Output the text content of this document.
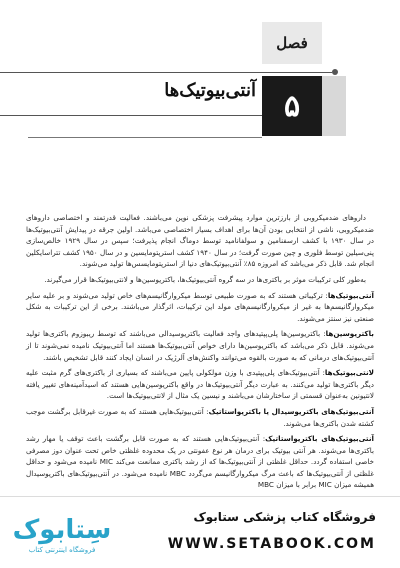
فصل
آنتی‌بیوتیک‌ها ۵

داروهای ضدمیکروبی از بارزترین موارد پیشرفت پزشکی نوین می‌باشند. فعالیت قدرتمند و اختصاصی داروهای ضدمیکروبی، ناشی از انتخابی بودن آن‌ها برای اهداف بسیار اختصاصی می‌باشد. اولین جرقه در پیدایش آنتی‌بیوتیک‌ها در سال ۱۹۳۰ با کشف ارسفنامین و سولفانامید توسط دوماگ انجام پذیرفت؛ سپس در سال ۱۹۲۹ خالص‌سازی پنی‌سیلین توسط فلوری و چین صورت گرفت؛ در سال ۱۹۴۰ کشف استرپتومایسین و در سال ۱۹۵۰ کشف تتراسایکلین انجام شد. قابل ذکر می‌باشد که امروزه ۸۵٪ آنتی‌بیوتیک‌های دنیا از استرپتومایسس‌ها تولید می‌شوند.

بەطور کلی ترکیبات موثر بر باکتری‌ها در سه گروه آنتی‌بیوتیک‌ها، باکتریوسین‌ها و لانتی‌بیوتیک‌ها قرار می‌گیرند.

آنتی‌بیوتیک‌ها: ترکیباتی هستند که به صورت طبیعی توسط میکروارگانیسم‌های خاص تولید می‌شوند و بر علیه سایر میکروارگانیسم‌ها به غیر از میکروارگانیسم‌های مولد این ترکیبات، اثرگذار می‌باشند. برخی از این ترکیبات به شکل صنعتی نیز سنتز می‌شوند.

باکتریوسین‌ها: باکتریوسین‌ها پلی‌پپتیدهای واجد فعالیت باکتریوسیدالی می‌باشند که توسط ریبوزوم باکتری‌ها تولید می‌شوند. قابل ذکر می‌باشد که باکتریوسین‌ها دارای خواص آنتی‌بیوتیک‌ها هستند اما آنتی‌بیوتیک نامیده نمی‌شوند تا از آنتی‌بیوتیک‌های درمانی که به صورت بالقوه می‌توانند واکنش‌های آلرژیک در انسان ایجاد کنند قابل تشخیص باشند.

لانتی‌بیوتیک‌ها: آنتی‌بیوتیک‌های پلی‌پپتیدی با وزن مولکولی پایین می‌باشند که بسیاری از باکتری‌های گرم مثبت علیه دیگر باکتری‌ها تولید می‌کنند. به عبارت دیگر آنتی‌بیوتیک‌ها در واقع باکتریوسین‌هایی هستند که اسیدآمینه‌های تغییر یافته لانتیونین به‌عنوان قسمتی از ساختارشان می‌باشند و نیسین یک مثال از لانتی‌بیوتیک‌ها است.

آنتی‌بیوتیک‌های باکتریوسیدال یا باکتریواستاتیک: آنتی‌بیوتیک‌هایی هستند که به صورت غیرقابل برگشت موجب کشته شدن باکتری‌ها می‌شوند.

آنتی‌بیوتیک‌های باکتریواستاتیک: آنتی‌بیوتیک‌هایی هستند که به صورت قابل برگشت باعث توقف یا مهار رشد باکتری‌ها می‌شوند. هر آنتی بیوتیک برای درمان هر نوع عفونتی در یک محدوده غلظتی خاص تحت عنوان دوز مصرفی خاصی استفاده گردد. حداقل غلظتی از آنتی‌بیوتیک‌ها که از رشد باکتری ممانعت می‌کند MIC نامیده می‌شود و حداقل غلظتی از آنتی‌بیوتیک‌ها که باعث مرگ میکروارگانیسم می‌گردد MBC نامیده می‌شود. در آنتی‌بیوتیک‌های باکتریوسیدال همیشه میزان MIC برابر با میزان MBC

سِتابوک
فروشگاه اینترنتی کتاب
فروشگاه کتاب پزشکی ستابوک
WWW.SETABOOK.COM
